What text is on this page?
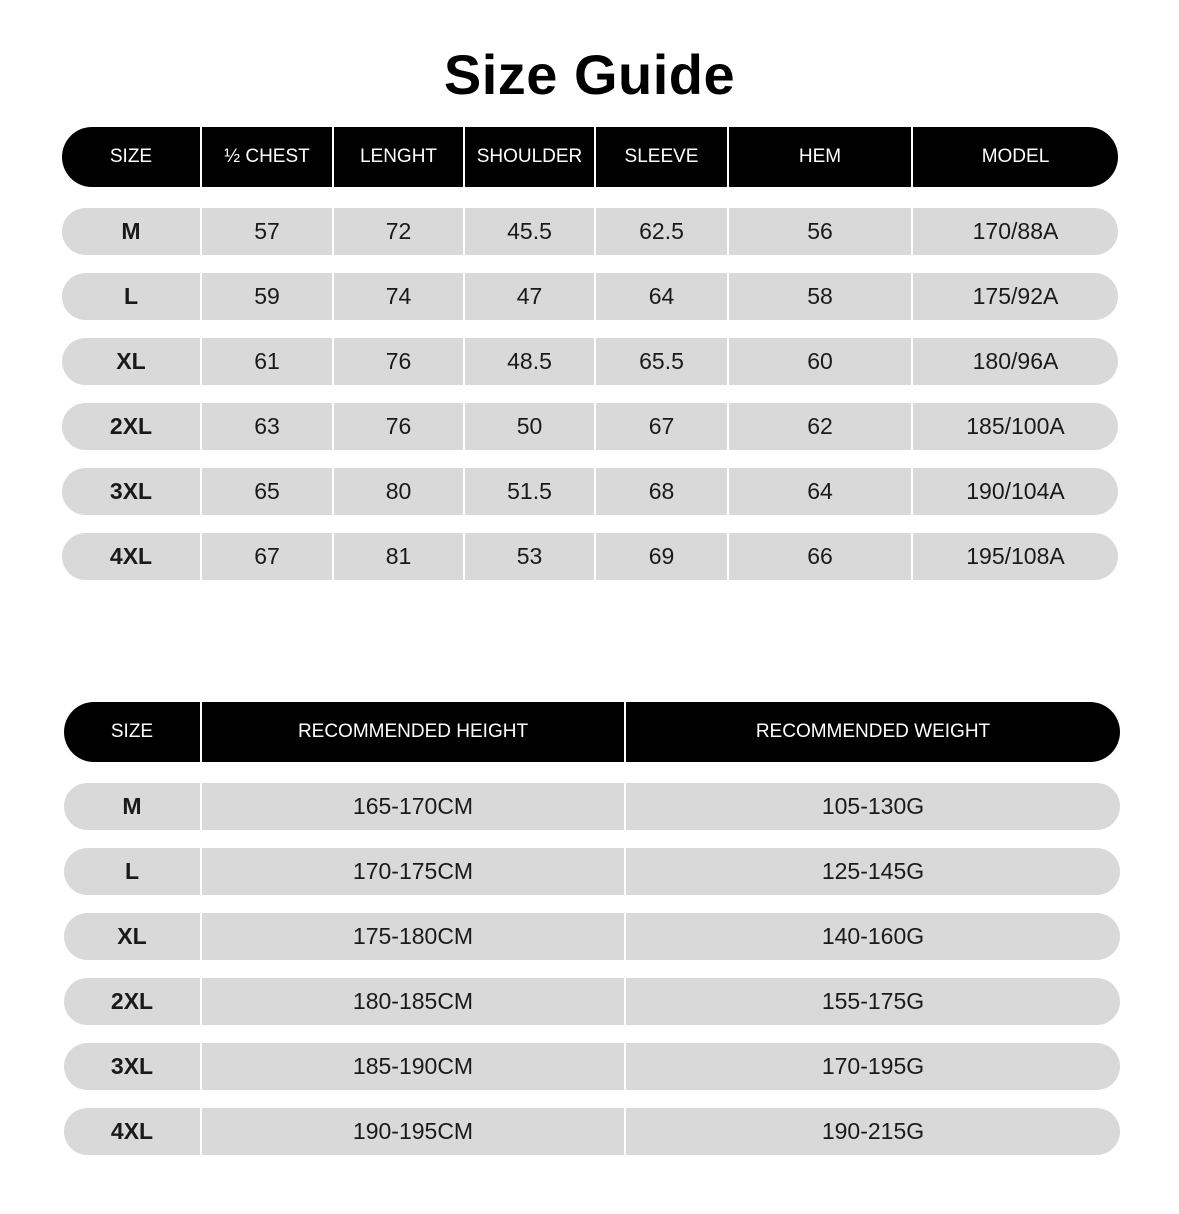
Size Guide
SIZE	½ CHEST	LENGHT	SHOULDER	SLEEVE	HEM	MODEL
M	57	72	45.5	62.5	56	170/88A
L	59	74	47	64	58	175/92A
XL	61	76	48.5	65.5	60	180/96A
2XL	63	76	50	67	62	185/100A
3XL	65	80	51.5	68	64	190/104A
4XL	67	81	53	69	66	195/108A
SIZE	RECOMMENDED HEIGHT	RECOMMENDED WEIGHT
M	165-170CM	105-130G
L	170-175CM	125-145G
XL	175-180CM	140-160G
2XL	180-185CM	155-175G
3XL	185-190CM	170-195G
4XL	190-195CM	190-215G
